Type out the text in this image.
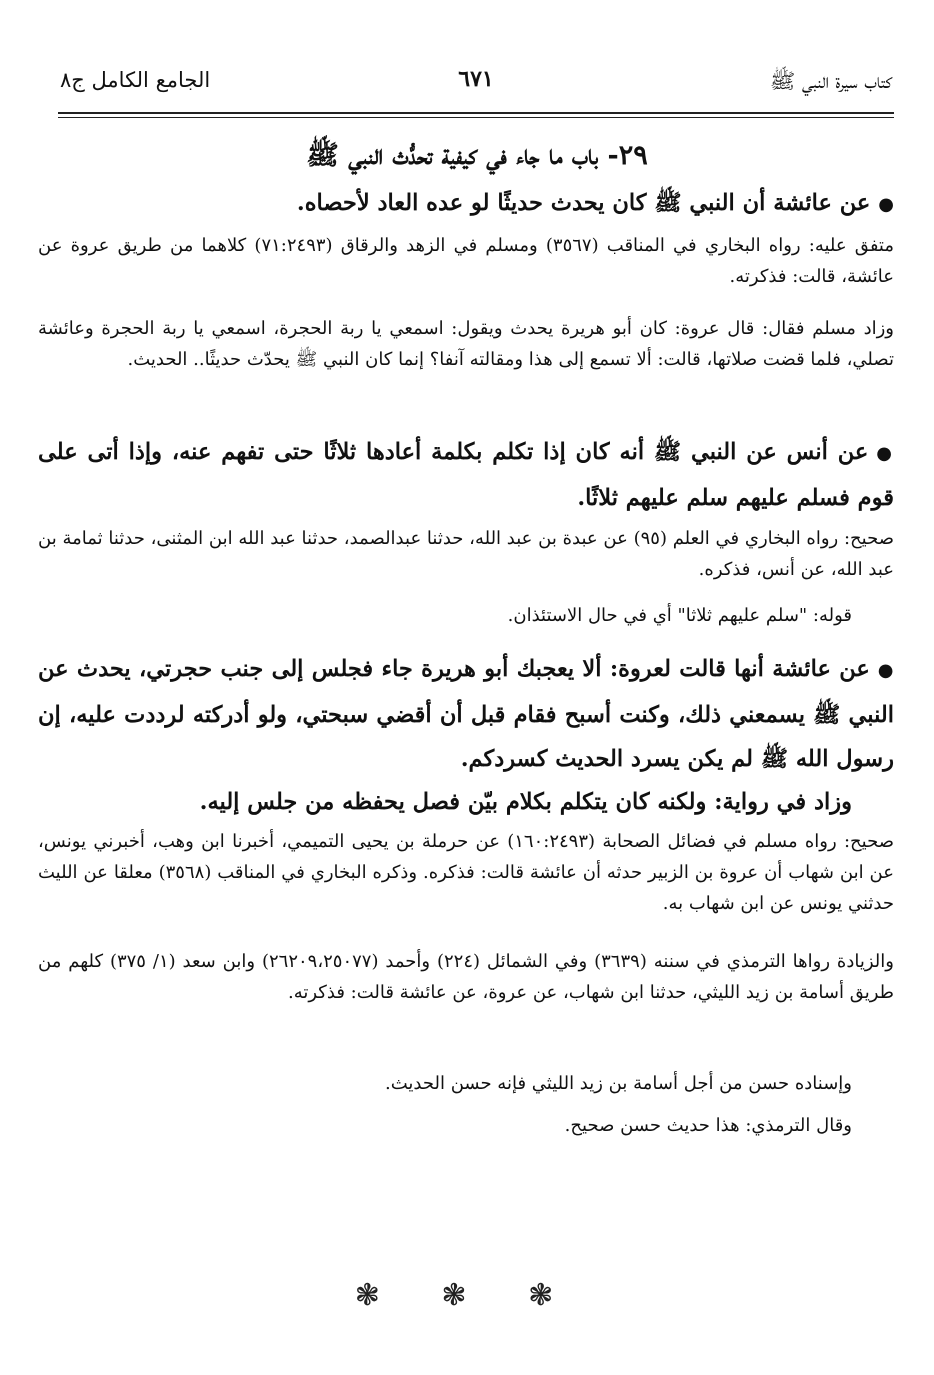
كتاب سيرة النبي ﷺ
٦٧١
الجامع الكامل ج٨
٢٩- باب ما جاء في كيفية تحدُّث النبي ﷺ
●عن عائشة أن النبي ﷺ كان يحدث حديثًا لو عده العاد لأحصاه.
متفق عليه: رواه البخاري في المناقب (٣٥٦٧) ومسلم في الزهد والرقاق (٧١:٢٤٩٣) كلاهما من طريق عروة عن عائشة، قالت: فذكرته.
وزاد مسلم فقال: قال عروة: كان أبو هريرة يحدث ويقول: اسمعي يا ربة الحجرة، اسمعي يا ربة الحجرة وعائشة تصلي، فلما قضت صلاتها، قالت: ألا تسمع إلى هذا ومقالته آنفا؟ إنما كان النبي ﷺ يحدّث حديثًا.. الحديث.
●عن أنس عن النبي ﷺ أنه كان إذا تكلم بكلمة أعادها ثلاثًا حتى تفهم عنه، وإذا أتى على قوم فسلم عليهم سلم عليهم ثلاثًا.
صحيح: رواه البخاري في العلم (٩٥) عن عبدة بن عبد الله، حدثنا عبدالصمد، حدثنا عبد الله ابن المثنى، حدثنا ثمامة بن عبد الله، عن أنس، فذكره.
قوله: "سلم عليهم ثلاثا" أي في حال الاستئذان.
●عن عائشة أنها قالت لعروة: ألا يعجبك أبو هريرة جاء فجلس إلى جنب حجرتي، يحدث عن النبي ﷺ يسمعني ذلك، وكنت أسبح فقام قبل أن أقضي سبحتي، ولو أدركته لرددت عليه، إن رسول الله ﷺ لم يكن يسرد الحديث كسردكم.
وزاد في رواية: ولكنه كان يتكلم بكلام بيّن فصل يحفظه من جلس إليه.
صحيح: رواه مسلم في فضائل الصحابة (١٦٠:٢٤٩٣) عن حرملة بن يحيى التميمي، أخبرنا ابن وهب، أخبرني يونس، عن ابن شهاب أن عروة بن الزبير حدثه أن عائشة قالت: فذكره. وذكره البخاري في المناقب (٣٥٦٨) معلقا عن الليث حدثني يونس عن ابن شهاب به.
والزيادة رواها الترمذي في سننه (٣٦٣٩) وفي الشمائل (٢٢٤) وأحمد (٢٦٢٠٩،٢٥٠٧٧) وابن سعد (١/ ٣٧٥) كلهم من طريق أسامة بن زيد الليثي، حدثنا ابن شهاب، عن عروة، عن عائشة قالت: فذكرته.
وإسناده حسن من أجل أسامة بن زيد الليثي فإنه حسن الحديث.
وقال الترمذي: هذا حديث حسن صحيح.
❃ ❃ ❃
